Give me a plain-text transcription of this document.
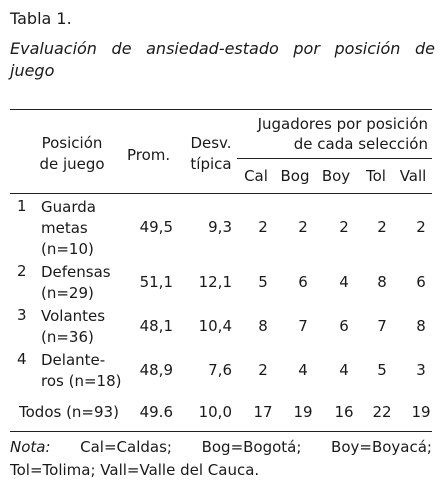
Tabla 1.
Evaluación de ansiedad-estado por posición de
juego
Posición
de juego	Prom.
Desv.
típica
Jugadores por posición
de cada selección
Cal Bog Boy	Tol Vall
1 Guarda
metas
(n=10)
49,5	9,3	2	2	2	2	2
2 Defensas
(n=29)
51,1	12,1	5	6	4	8	6
3 Volantes
(n=36)
48,1	10,4	8	7	6	7	8
4 Delante-
ros (n=18)
48,9	7,6	2	4	4	5	3
Todos (n=93)	49.6	10,0	17	19	16	22	19
Nota: Cal=Caldas; Bog=Bogotá; Boy=Boyacá;
Tol=Tolima; Vall=Valle del Cauca.
